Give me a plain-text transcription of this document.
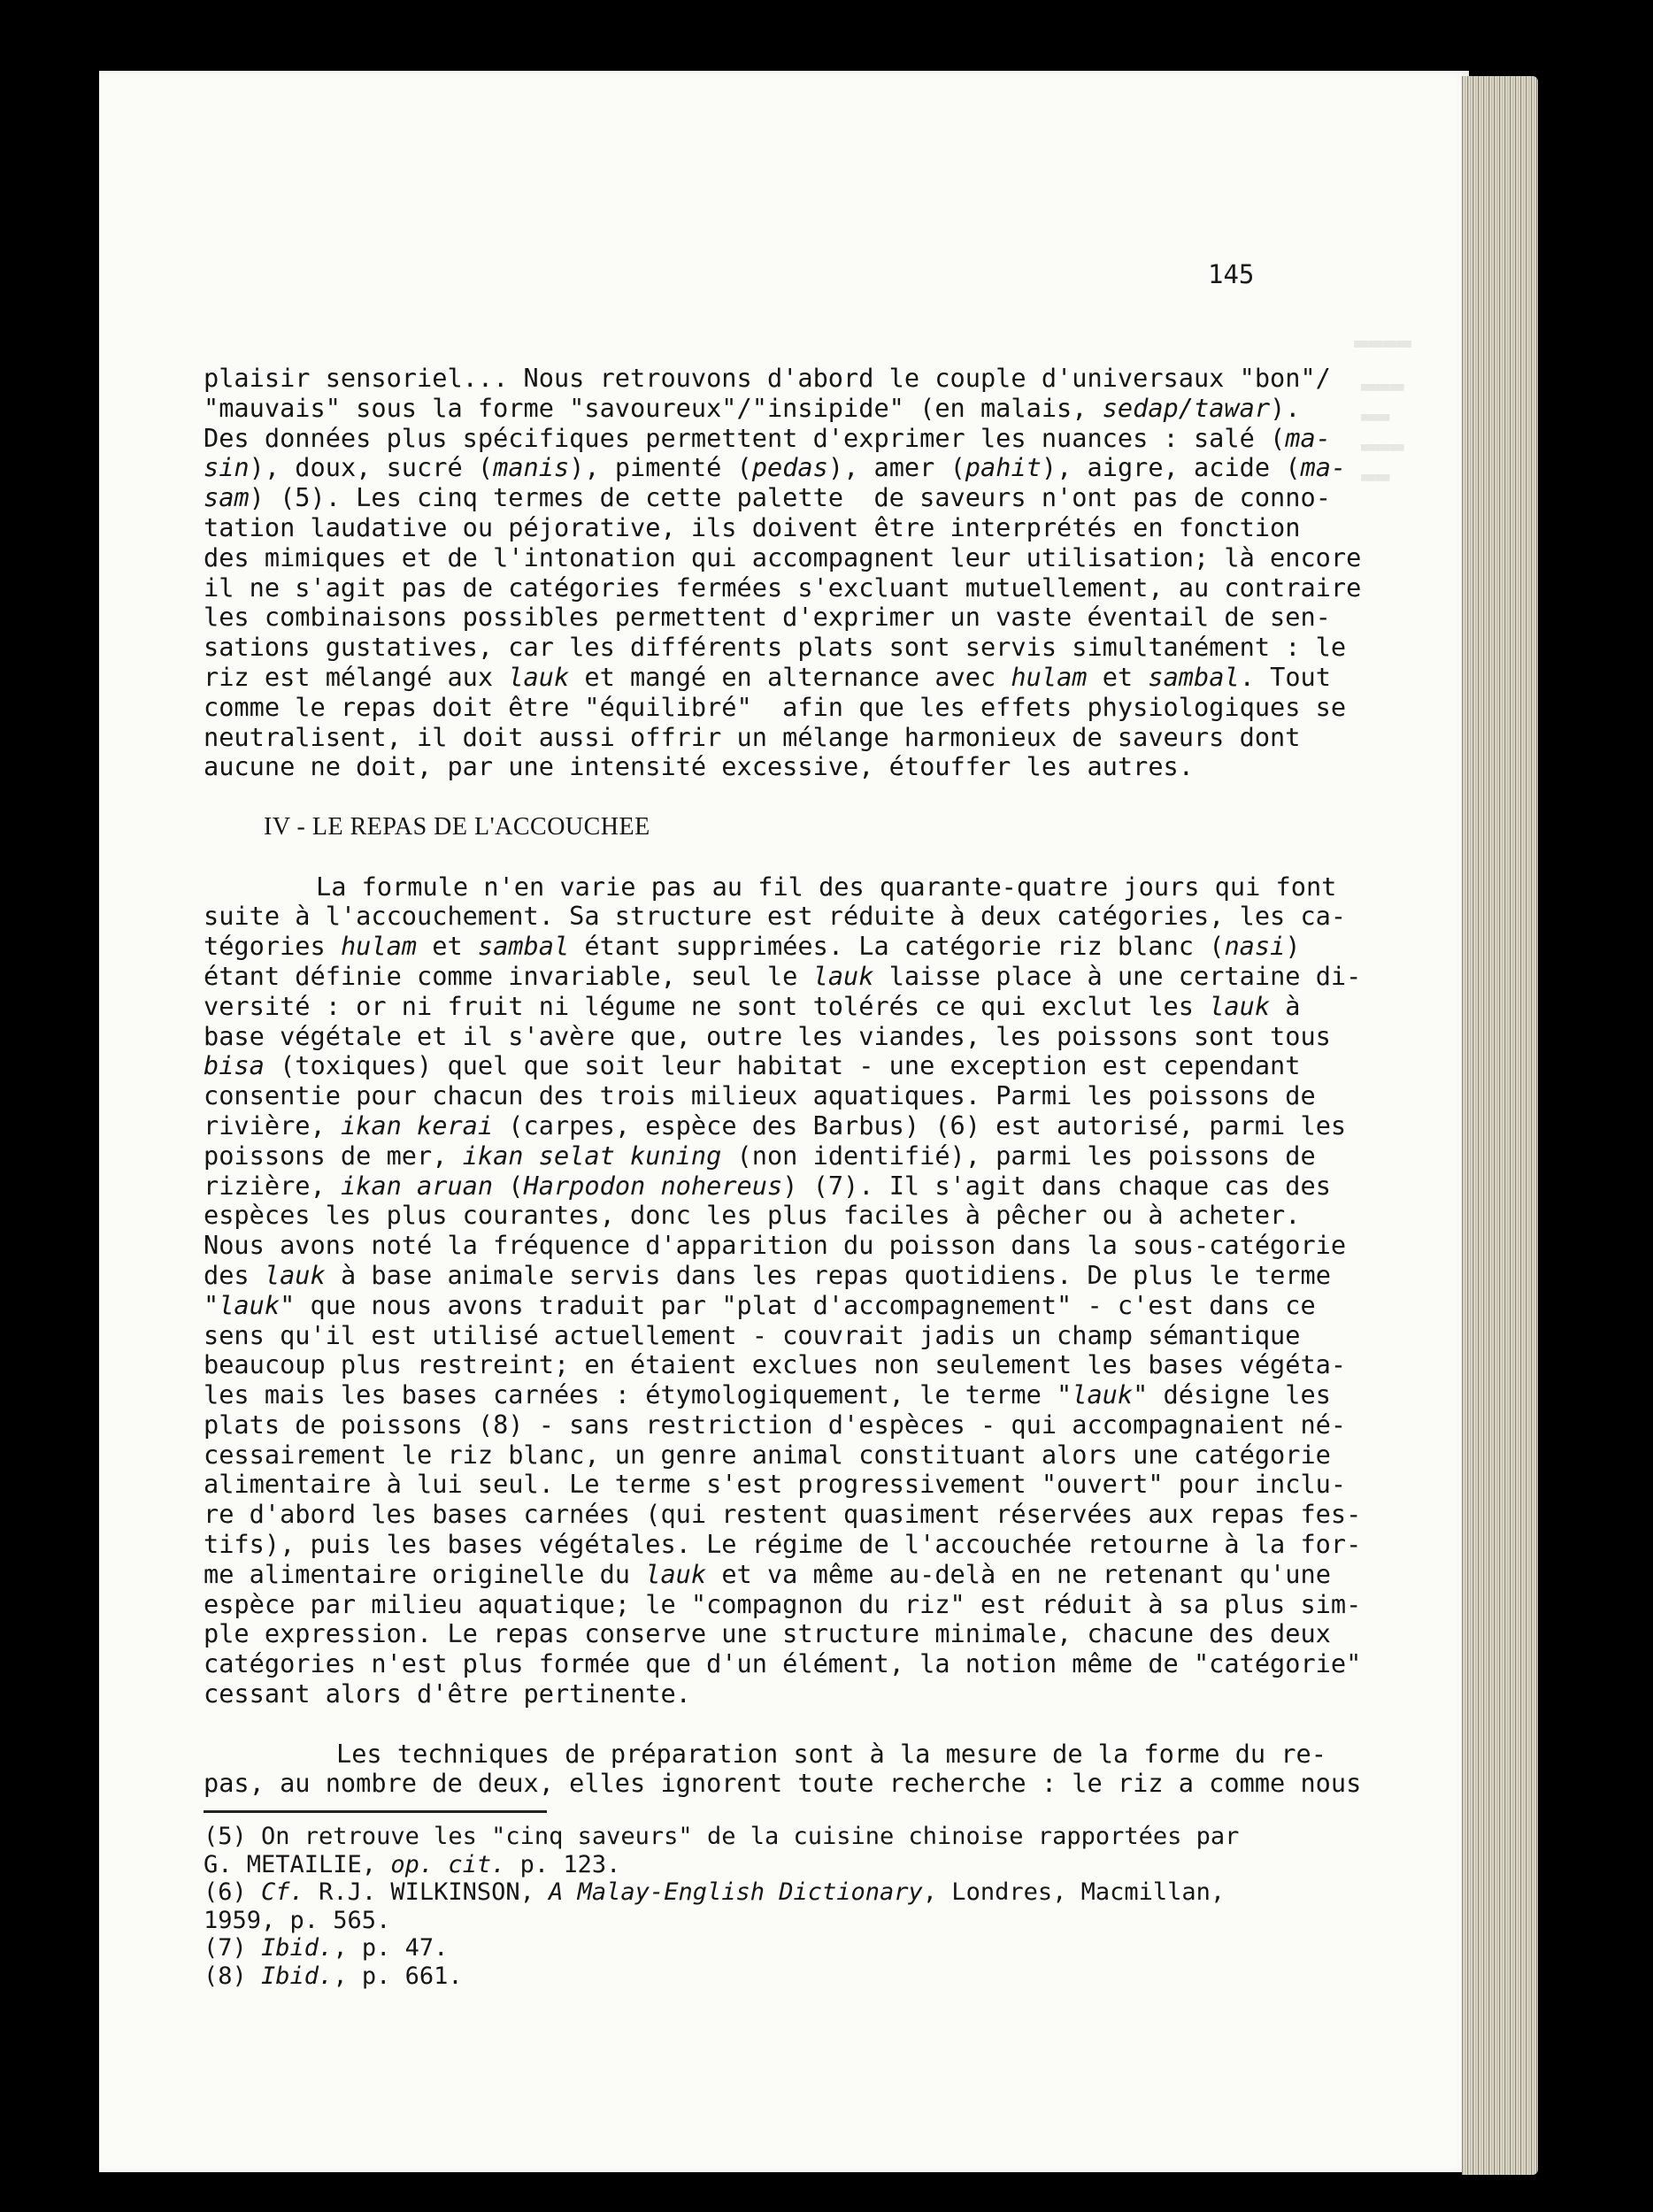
145
plaisir sensoriel... Nous retrouvons d'abord le couple d'universaux "bon"/
"mauvais" sous la forme "savoureux"/"insipide" (en malais, sedap/tawar).
Des données plus spécifiques permettent d'exprimer les nuances : salé (ma-
sin), doux, sucré (manis), pimenté (pedas), amer (pahit), aigre, acide (ma-
sam) (5). Les cinq termes de cette palette  de saveurs n'ont pas de conno-
tation laudative ou péjorative, ils doivent être interprétés en fonction
des mimiques et de l'intonation qui accompagnent leur utilisation; là encore
il ne s'agit pas de catégories fermées s'excluant mutuellement, au contraire
les combinaisons possibles permettent d'exprimer un vaste éventail de sen-
sations gustatives, car les différents plats sont servis simultanément : le
riz est mélangé aux lauk et mangé en alternance avec hulam et sambal. Tout
comme le repas doit être "équilibré"  afin que les effets physiologiques se
neutralisent, il doit aussi offrir un mélange harmonieux de saveurs dont
aucune ne doit, par une intensité excessive, étouffer les autres.
IV - LE REPAS DE L'ACCOUCHEE
La formule n'en varie pas au fil des quarante-quatre jours qui font
suite à l'accouchement. Sa structure est réduite à deux catégories, les ca-
tégories hulam et sambal étant supprimées. La catégorie riz blanc (nasi)
étant définie comme invariable, seul le lauk laisse place à une certaine di-
versité : or ni fruit ni légume ne sont tolérés ce qui exclut les lauk à
base végétale et il s'avère que, outre les viandes, les poissons sont tous
bisa (toxiques) quel que soit leur habitat - une exception est cependant
consentie pour chacun des trois milieux aquatiques. Parmi les poissons de
rivière, ikan kerai (carpes, espèce des Barbus) (6) est autorisé, parmi les
poissons de mer, ikan selat kuning (non identifié), parmi les poissons de
rizière, ikan aruan (Harpodon nohereus) (7). Il s'agit dans chaque cas des
espèces les plus courantes, donc les plus faciles à pêcher ou à acheter.
Nous avons noté la fréquence d'apparition du poisson dans la sous-catégorie
des lauk à base animale servis dans les repas quotidiens. De plus le terme
"lauk" que nous avons traduit par "plat d'accompagnement" - c'est dans ce
sens qu'il est utilisé actuellement - couvrait jadis un champ sémantique
beaucoup plus restreint; en étaient exclues non seulement les bases végéta-
les mais les bases carnées : étymologiquement, le terme "lauk" désigne les
plats de poissons (8) - sans restriction d'espèces - qui accompagnaient né-
cessairement le riz blanc, un genre animal constituant alors une catégorie
alimentaire à lui seul. Le terme s'est progressivement "ouvert" pour inclu-
re d'abord les bases carnées (qui restent quasiment réservées aux repas fes-
tifs), puis les bases végétales. Le régime de l'accouchée retourne à la for-
me alimentaire originelle du lauk et va même au-delà en ne retenant qu'une
espèce par milieu aquatique; le "compagnon du riz" est réduit à sa plus sim-
ple expression. Le repas conserve une structure minimale, chacune des deux
catégories n'est plus formée que d'un élément, la notion même de "catégorie"
cessant alors d'être pertinente.
Les techniques de préparation sont à la mesure de la forme du re-
pas, au nombre de deux, elles ignorent toute recherche : le riz a comme nous
(5) On retrouve les "cinq saveurs" de la cuisine chinoise rapportées par
G. METAILIE, op. cit. p. 123.
(6) Cf. R.J. WILKINSON, A Malay-English Dictionary, Londres, Macmillan,
1959, p. 565.
(7) Ibid., p. 47.
(8) Ibid., p. 661.
